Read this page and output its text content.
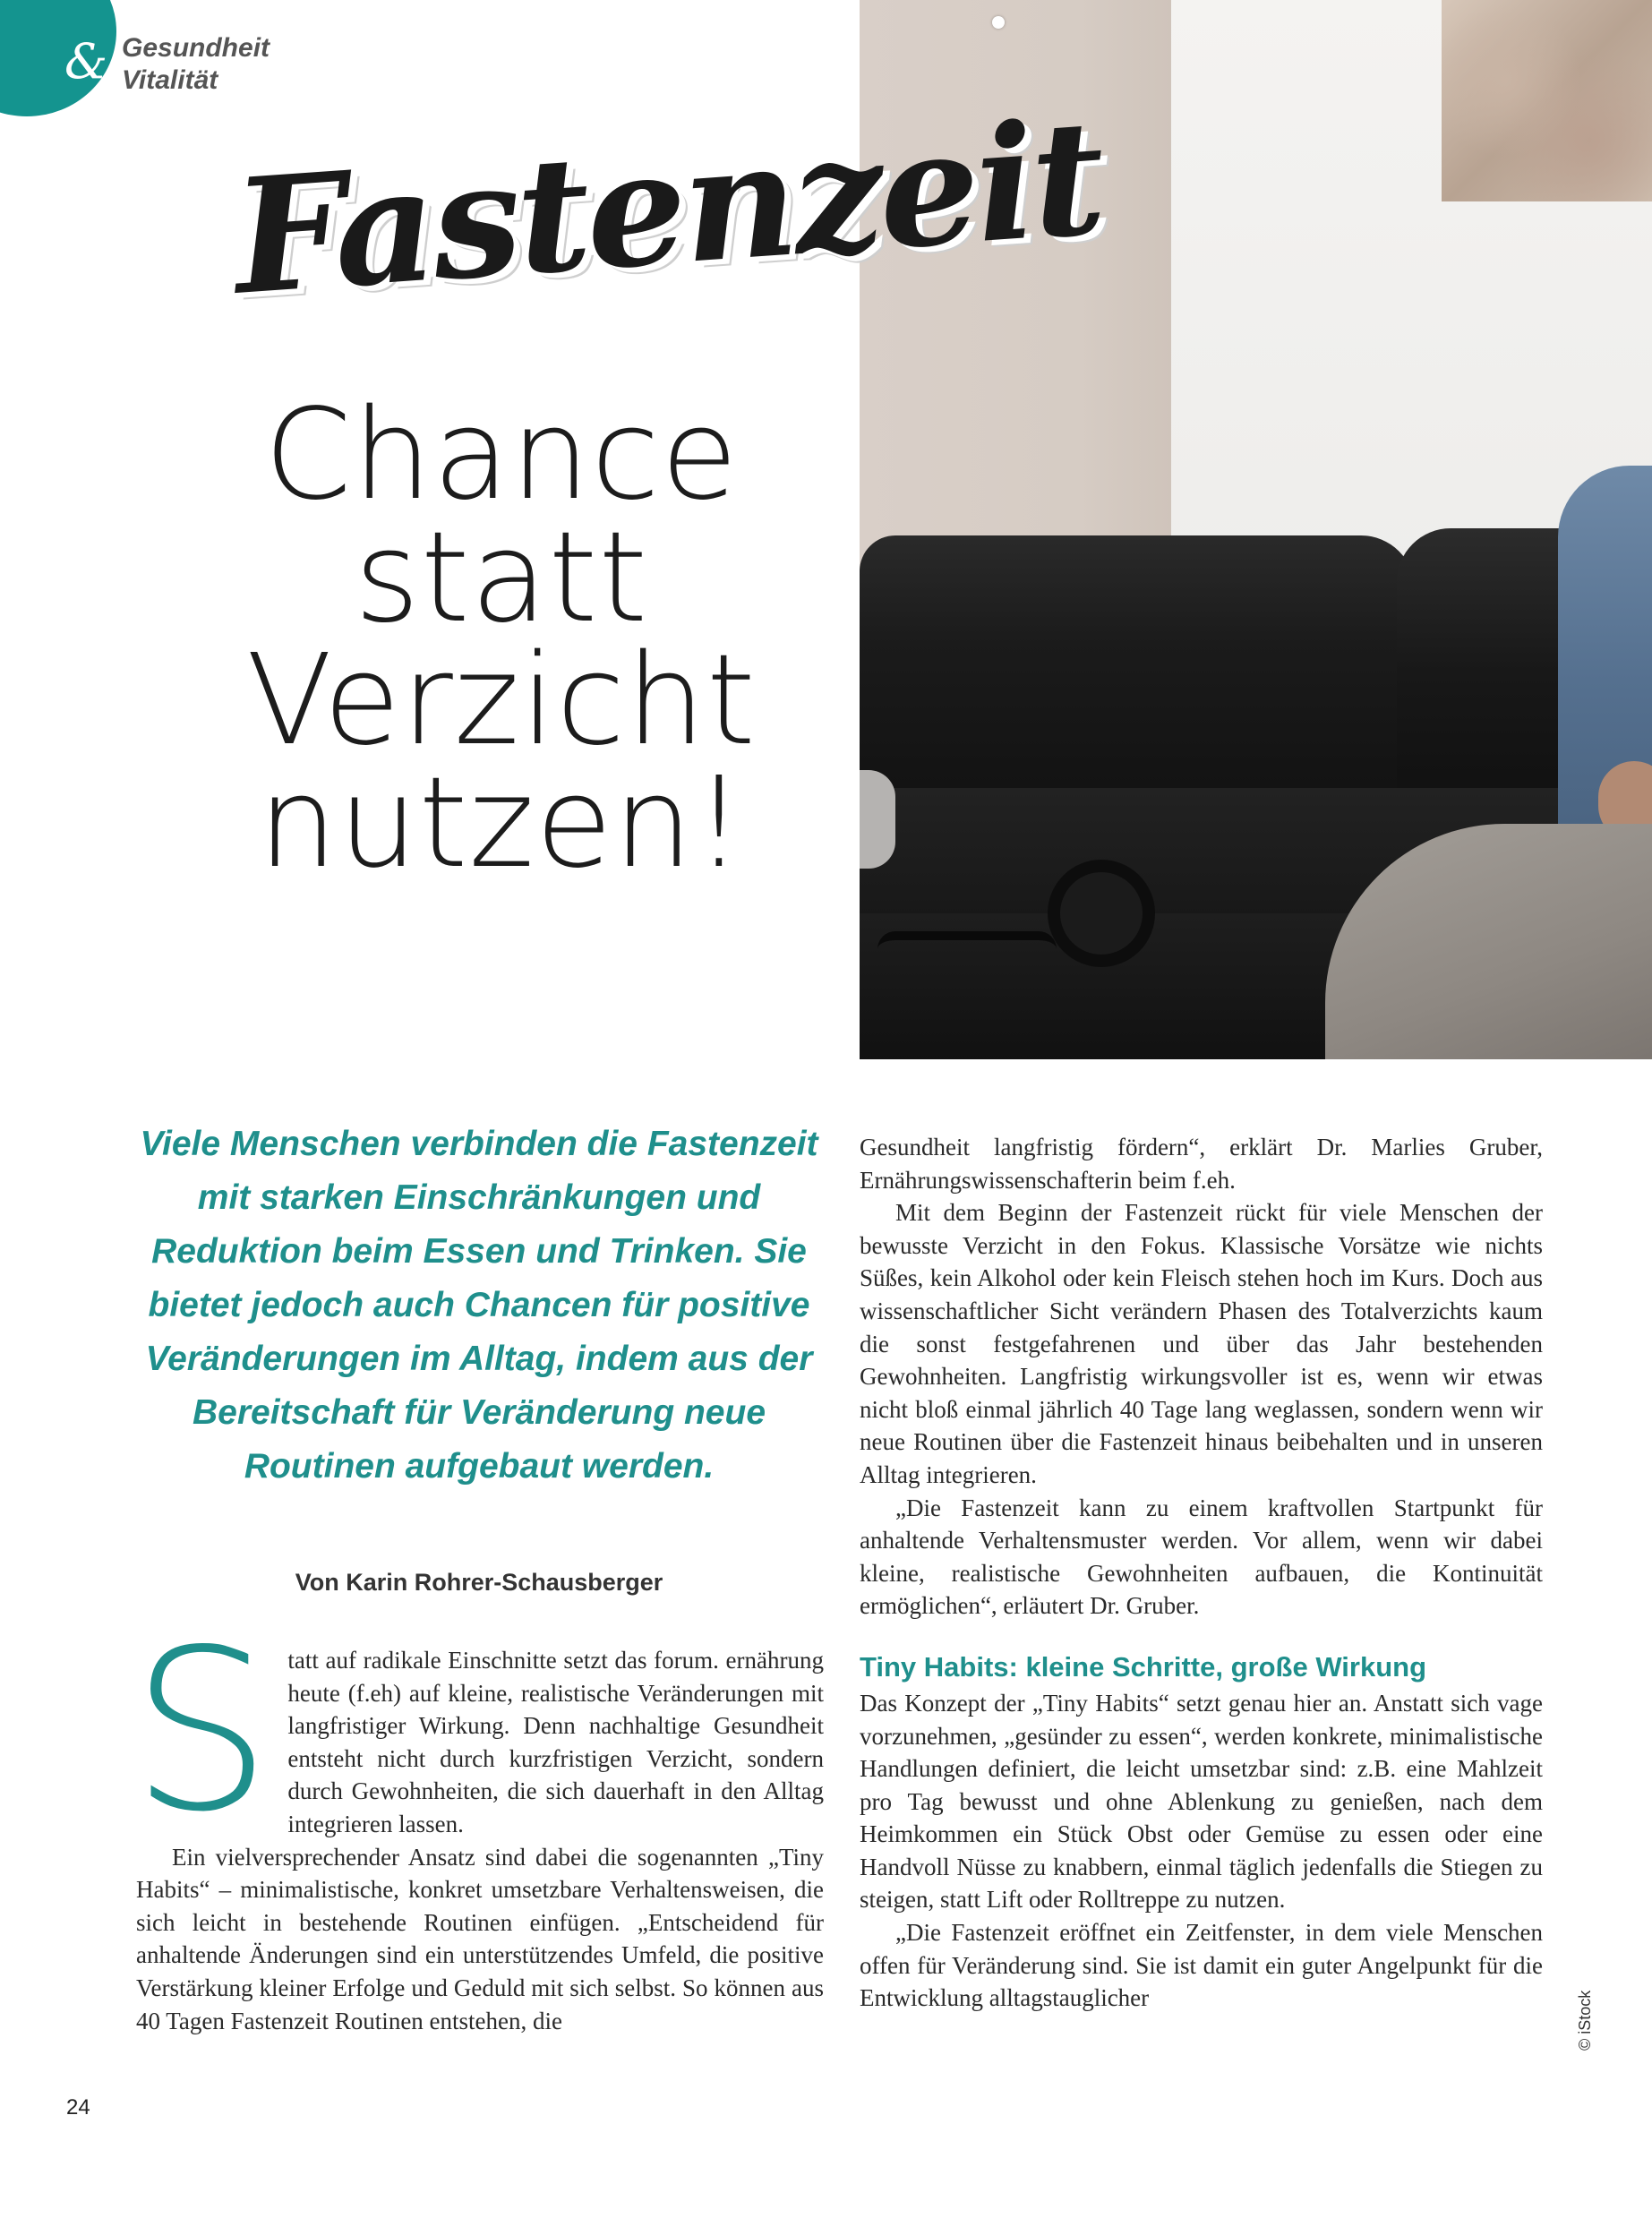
& Gesundheit
Vitalität
Fastenzeit
Chance
statt
Verzicht
nutzen!
Viele Menschen verbinden die Fastenzeit mit starken Einschränkungen und Reduktion beim Essen und Trinken. Sie bietet jedoch auch Chancen für positive Veränderungen im Alltag, indem aus der Bereitschaft für Veränderung neue Routinen aufgebaut werden.
Von Karin Rohrer-Schausberger

Statt auf radikale Einschnitte setzt das forum. ernährung heute (f.eh) auf kleine, realistische Veränderungen mit langfristiger Wirkung. Denn nachhaltige Gesundheit entsteht nicht durch kurzfristigen Verzicht, sondern durch Gewohnheiten, die sich dauerhaft in den Alltag integrieren lassen.

Ein vielversprechender Ansatz sind dabei die sogenannten „Tiny Habits“ – minimalistische, konkret umsetzbare Verhaltensweisen, die sich leicht in bestehende Routinen einfügen. „Entscheidend für anhaltende Änderungen sind ein unterstützendes Umfeld, die positive Verstärkung kleiner Erfolge und Geduld mit sich selbst. So können aus 40 Tagen Fastenzeit Routinen entstehen, die

Gesundheit langfristig fördern“, erklärt Dr. Marlies Gruber, Ernährungswissenschafterin beim f.eh.

Mit dem Beginn der Fastenzeit rückt für viele Menschen der bewusste Verzicht in den Fokus. Klassische Vorsätze wie nichts Süßes, kein Alkohol oder kein Fleisch stehen hoch im Kurs. Doch aus wissenschaftlicher Sicht verändern Phasen des Totalverzichts kaum die sonst festgefahrenen und über das Jahr bestehenden Gewohnheiten. Langfristig wirkungsvoller ist es, wenn wir etwas nicht bloß einmal jährlich 40 Tage lang weglassen, sondern wenn wir neue Routinen über die Fastenzeit hinaus beibehalten und in unseren Alltag integrieren.

„Die Fastenzeit kann zu einem kraftvollen Startpunkt für anhaltende Verhaltensmuster werden. Vor allem, wenn wir dabei kleine, realistische Gewohnheiten aufbauen, die Kontinuität ermöglichen“, erläutert Dr. Gruber.

Tiny Habits: kleine Schritte, große Wirkung

Das Konzept der „Tiny Habits“ setzt genau hier an. Anstatt sich vage vorzunehmen, „gesünder zu essen“, werden konkrete, minimalistische Handlungen definiert, die leicht umsetzbar sind: z.B. eine Mahlzeit pro Tag bewusst und ohne Ablenkung zu genießen, nach dem Heimkommen ein Stück Obst oder Gemüse zu essen oder eine Handvoll Nüsse zu knabbern, einmal täglich jedenfalls die Stiegen zu steigen, statt Lift oder Rolltreppe zu nutzen.

„Die Fastenzeit eröffnet ein Zeitfenster, in dem viele Menschen offen für Veränderung sind. Sie ist damit ein guter Angelpunkt für die Entwicklung alltagstauglicher

24
© iStock
